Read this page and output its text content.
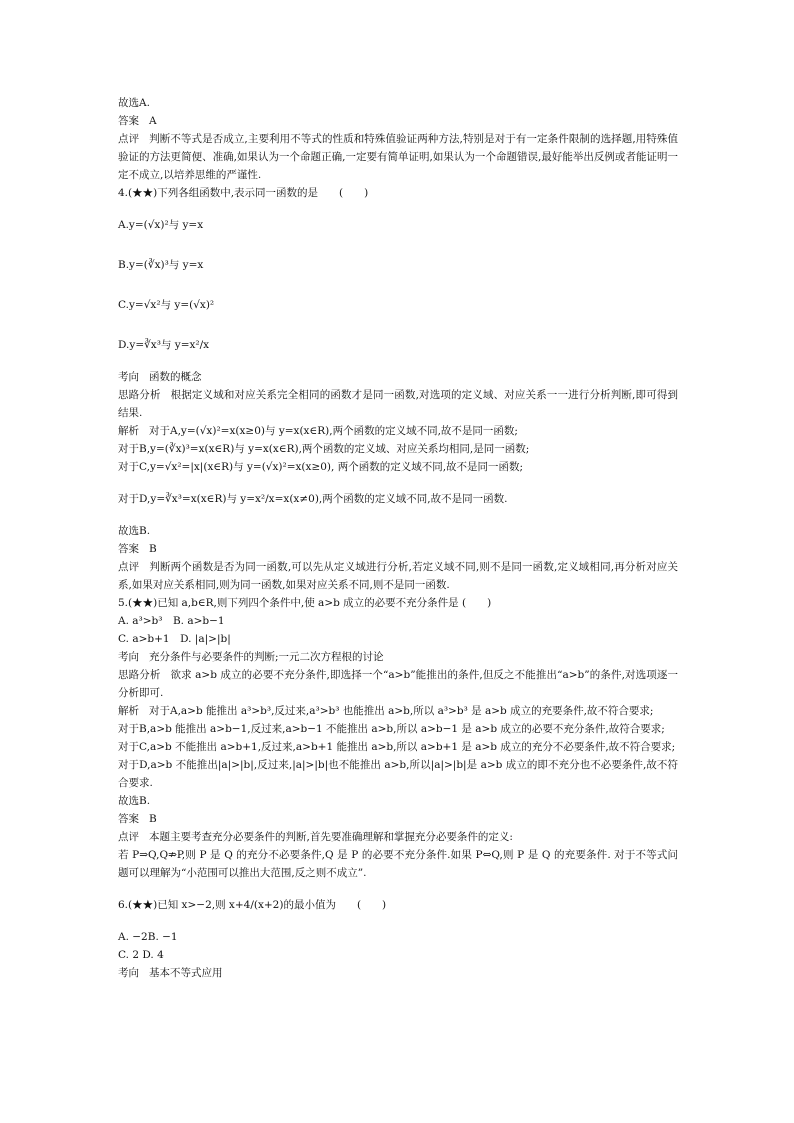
故选A.
答案 A
点评 判断不等式是否成立,主要利用不等式的性质和特殊值验证两种方法,特别是对于有一定条件限制的选择题,用特殊值验证的方法更简便、准确,如果认为一个命题正确,一定要有简单证明,如果认为一个命题错误,最好能举出反例或者能证明一定不成立,以培养思维的严谨性.
4.(★★)下列各组函数中,表示同一函数的是　　(　　)
A.y=(√x)²与 y=x
B.y=(∛x)³与 y=x
C.y=√x²与 y=(√x)²
D.y=∛x³与 y=x²/x
考向 函数的概念
思路分析 根据定义域和对应关系完全相同的函数才是同一函数,对选项的定义域、对应关系一一进行分析判断,即可得到结果.
解析 对于A,y=(√x)²=x(x≥0)与 y=x(x∈R),两个函数的定义域不同,故不是同一函数;
对于B,y=(∛x)³=x(x∈R)与 y=x(x∈R),两个函数的定义域、对应关系均相同,是同一函数;
对于C,y=√x²=|x|(x∈R)与 y=(√x)²=x(x≥0), 两个函数的定义域不同,故不是同一函数;
对于D,y=∛x³=x(x∈R)与 y=x²/x=x(x≠0),两个函数的定义域不同,故不是同一函数.
故选B.
答案 B
点评 判断两个函数是否为同一函数,可以先从定义域进行分析,若定义域不同,则不是同一函数,定义域相同,再分析对应关系,如果对应关系相同,则为同一函数,如果对应关系不同,则不是同一函数.
5.(★★)已知 a,b∈R,则下列四个条件中,使 a>b 成立的必要不充分条件是 (　　)
A. a³>b³　B. a>b−1
C. a>b+1　D. |a|>|b|
考向 充分条件与必要条件的判断;一元二次方程根的讨论
思路分析 欲求 a>b 成立的必要不充分条件,即选择一个“a>b”能推出的条件,但反之不能推出“a>b”的条件,对选项逐一分析即可.
解析 对于A,a>b 能推出 a³>b³,反过来,a³>b³ 也能推出 a>b,所以 a³>b³ 是 a>b 成立的充要条件,故不符合要求;
对于B,a>b 能推出 a>b−1,反过来,a>b−1 不能推出 a>b,所以 a>b−1 是 a>b 成立的必要不充分条件,故符合要求;
对于C,a>b 不能推出 a>b+1,反过来,a>b+1 能推出 a>b,所以 a>b+1 是 a>b 成立的充分不必要条件,故不符合要求;
对于D,a>b 不能推出|a|>|b|,反过来,|a|>|b|也不能推出 a>b,所以|a|>|b|是 a>b 成立的即不充分也不必要条件,故不符合要求.
故选B.
答案 B
点评 本题主要考查充分必要条件的判断,首先要准确理解和掌握充分必要条件的定义:
若 P⇒Q,Q⇏P,则 P 是 Q 的充分不必要条件,Q 是 P 的必要不充分条件.如果 P⇔Q,则 P 是 Q 的充要条件. 对于不等式问题可以理解为“小范围可以推出大范围,反之则不成立”.
6.(★★)已知 x>−2,则 x+4/(x+2)的最小值为　　(　　)
A. −2B. −1
C. 2 D. 4
考向 基本不等式应用
